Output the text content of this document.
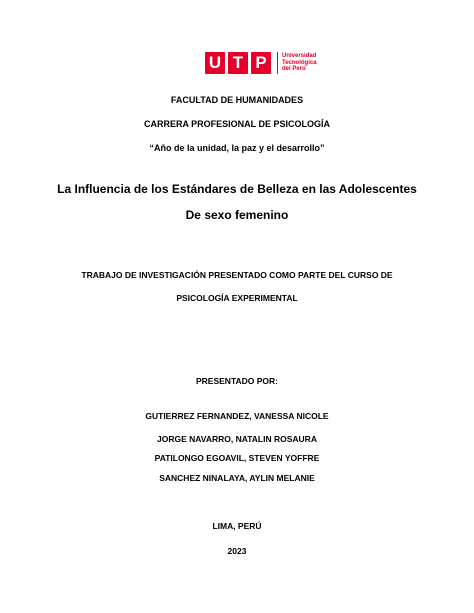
U T P	Universidad
Tecnológica
del Perú
FACULTAD DE HUMANIDADES
CARRERA PROFESIONAL DE PSICOLOGÍA
“Año de la unidad, la paz y el desarrollo”
La Influencia de los Estándares de Belleza en las Adolescentes
De sexo femenino
TRABAJO DE INVESTIGACIÓN PRESENTADO COMO PARTE DEL CURSO DE
PSICOLOGÍA EXPERIMENTAL
PRESENTADO POR:
GUTIERREZ FERNANDEZ, VANESSA NICOLE
JORGE NAVARRO, NATALIN ROSAURA
PATILONGO EGOAVIL, STEVEN YOFFRE
SANCHEZ NINALAYA, AYLIN MELANIE
LIMA, PERÚ
2023
